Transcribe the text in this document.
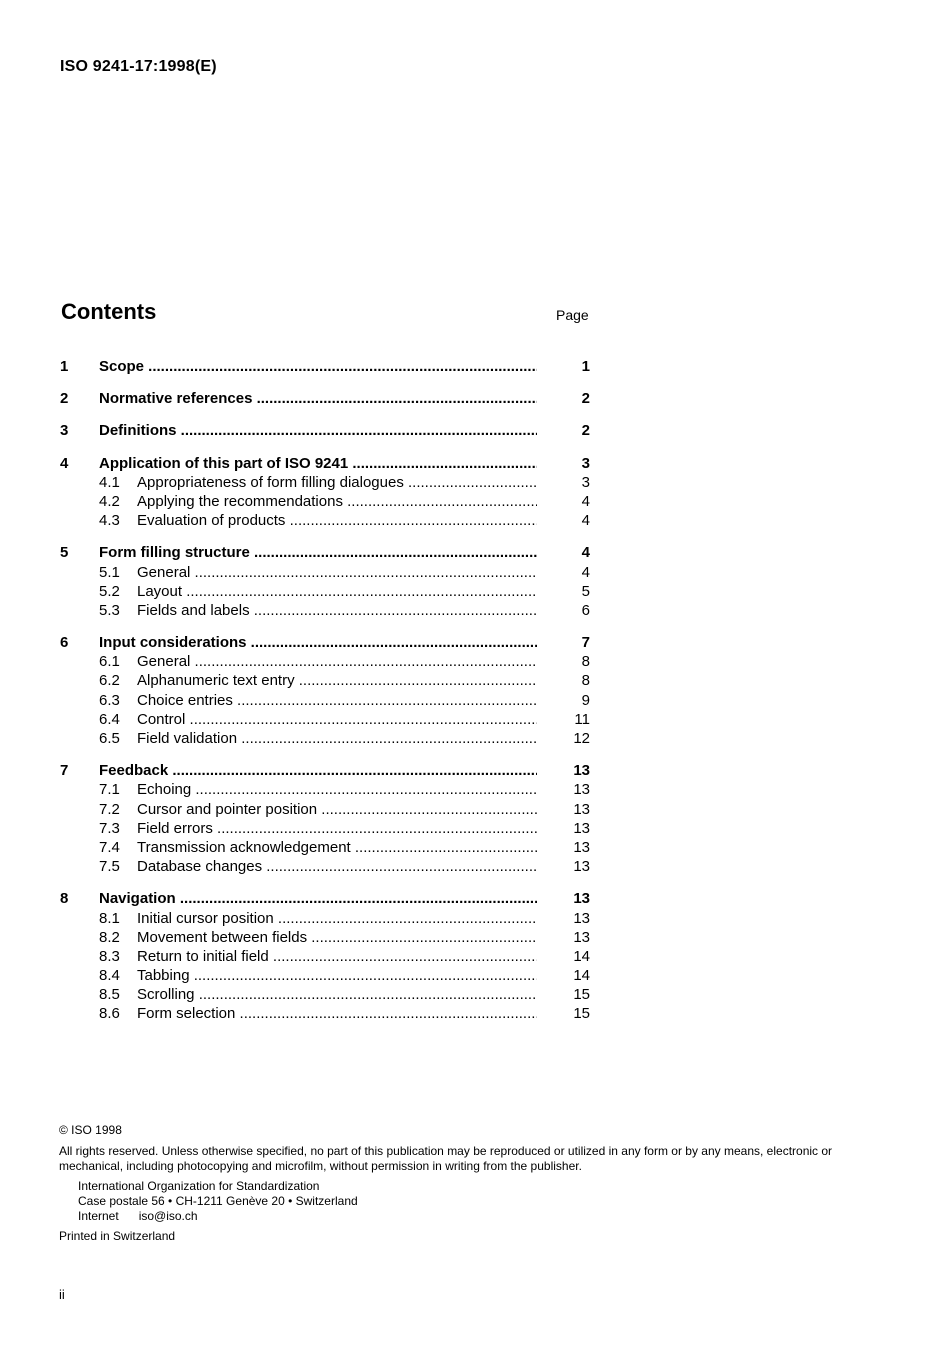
ISO 9241-17:1998(E)
Contents	Page
1 Scope .....	1
2 Normative references .....	2
3 Definitions .....	2
4 Application of this part of ISO 9241 .....	3
4.1 Appropriateness of form filling dialogues .....	3
4.2 Applying the recommendations .....	4
4.3 Evaluation of products .....	4
5 Form filling structure .....	4
5.1 General .....	4
5.2 Layout .....	5
5.3 Fields and labels .....	6
6 Input considerations .....	7
6.1 General .....	8
6.2 Alphanumeric text entry .....	8
6.3 Choice entries .....	9
6.4 Control .....	11
6.5 Field validation .....	12
7 Feedback .....	13
7.1 Echoing .....	13
7.2 Cursor and pointer position .....	13
7.3 Field errors .....	13
7.4 Transmission acknowledgement .....	13
7.5 Database changes .....	13
8 Navigation .....	13
8.1 Initial cursor position .....	13
8.2 Movement between fields .....	13
8.3 Return to initial field .....	14
8.4 Tabbing .....	14
8.5 Scrolling .....	15
8.6 Form selection .....	15

© ISO 1998

All rights reserved. Unless otherwise specified, no part of this publication may be reproduced or utilized in any form or by any means, electronic or mechanical, including photocopying and microfilm, without permission in writing from the publisher.

International Organization for Standardization

Case postale 56 • CH-1211 Genève 20 • Switzerland

Internet      iso@iso.ch

Printed in Switzerland

ii
